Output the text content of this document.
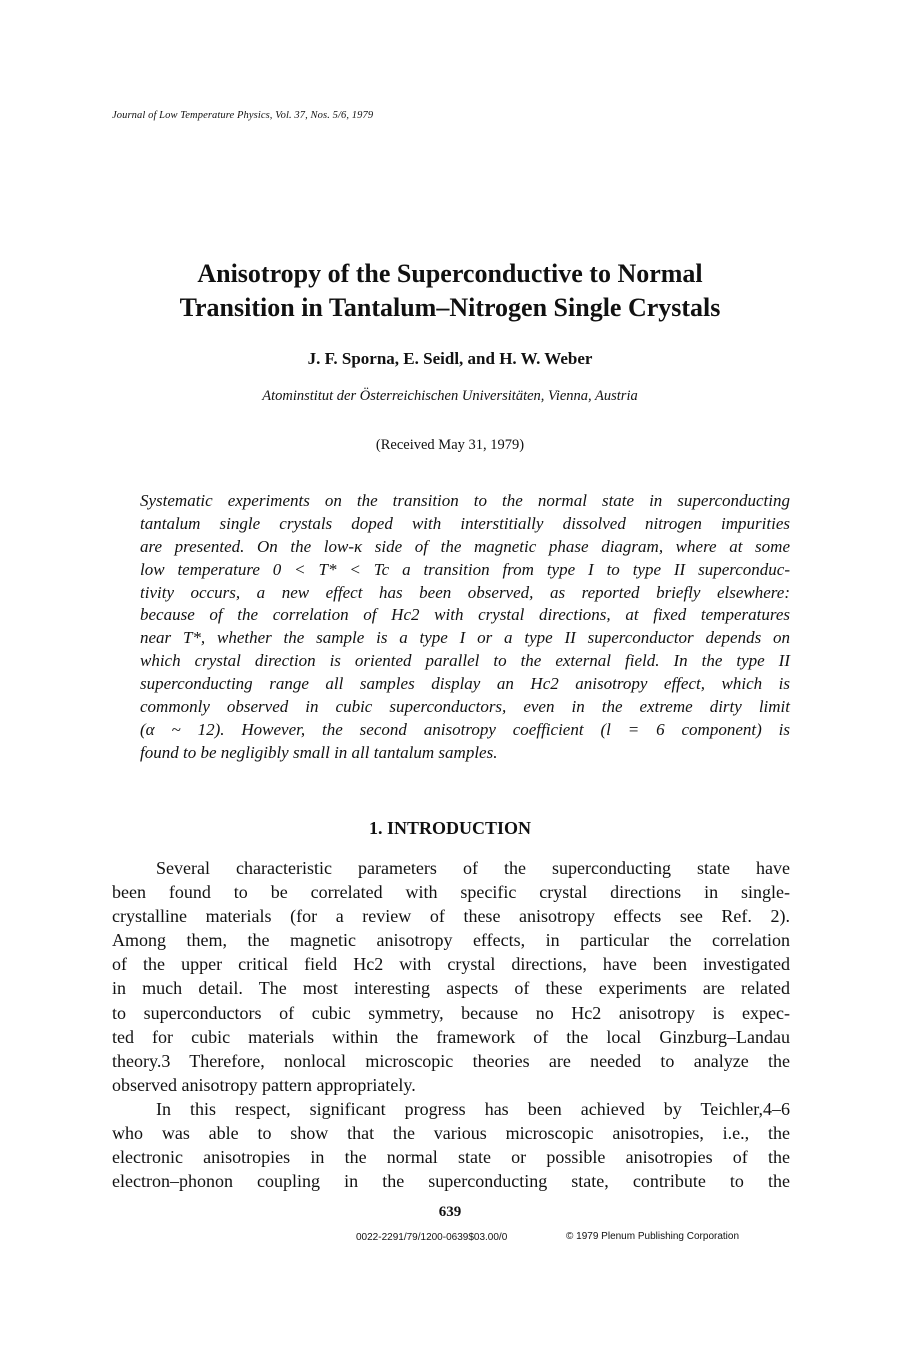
Journal of Low Temperature Physics, Vol. 37, Nos. 5/6, 1979
Anisotropy of the Superconductive to Normal
Transition in Tantalum–Nitrogen Single Crystals
J. F. Sporna, E. Seidl, and H. W. Weber
Atominstitut der Österreichischen Universitäten, Vienna, Austria
(Received May 31, 1979)
Systematic experiments on the transition to the normal state in superconducting
tantalum single crystals doped with interstitially dissolved nitrogen impurities
are presented. On the low-κ side of the magnetic phase diagram, where at some
low temperature 0 < T* < Tc a transition from type I to type II superconduc-
tivity occurs, a new effect has been observed, as reported briefly elsewhere:
because of the correlation of Hc2 with crystal directions, at fixed temperatures
near T*, whether the sample is a type I or a type II superconductor depends on
which crystal direction is oriented parallel to the external field. In the type II
superconducting range all samples display an Hc2 anisotropy effect, which is
commonly observed in cubic superconductors, even in the extreme dirty limit
(α ~ 12). However, the second anisotropy coefficient (l = 6 component) is
found to be negligibly small in all tantalum samples.
1. INTRODUCTION
Several characteristic parameters of the superconducting state have
been found to be correlated with specific crystal directions in single-
crystalline materials (for a review of these anisotropy effects see Ref. 2).
Among them, the magnetic anisotropy effects, in particular the correlation
of the upper critical field Hc2 with crystal directions, have been investigated
in much detail. The most interesting aspects of these experiments are related
to superconductors of cubic symmetry, because no Hc2 anisotropy is expec-
ted for cubic materials within the framework of the local Ginzburg–Landau
theory.3 Therefore, nonlocal microscopic theories are needed to analyze the
observed anisotropy pattern appropriately.
In this respect, significant progress has been achieved by Teichler,4–6
who was able to show that the various microscopic anisotropies, i.e., the
electronic anisotropies in the normal state or possible anisotropies of the
electron–phonon coupling in the superconducting state, contribute to the
639
0022-2291/79/1200-0639$03.00/0	© 1979 Plenum Publishing Corporation
